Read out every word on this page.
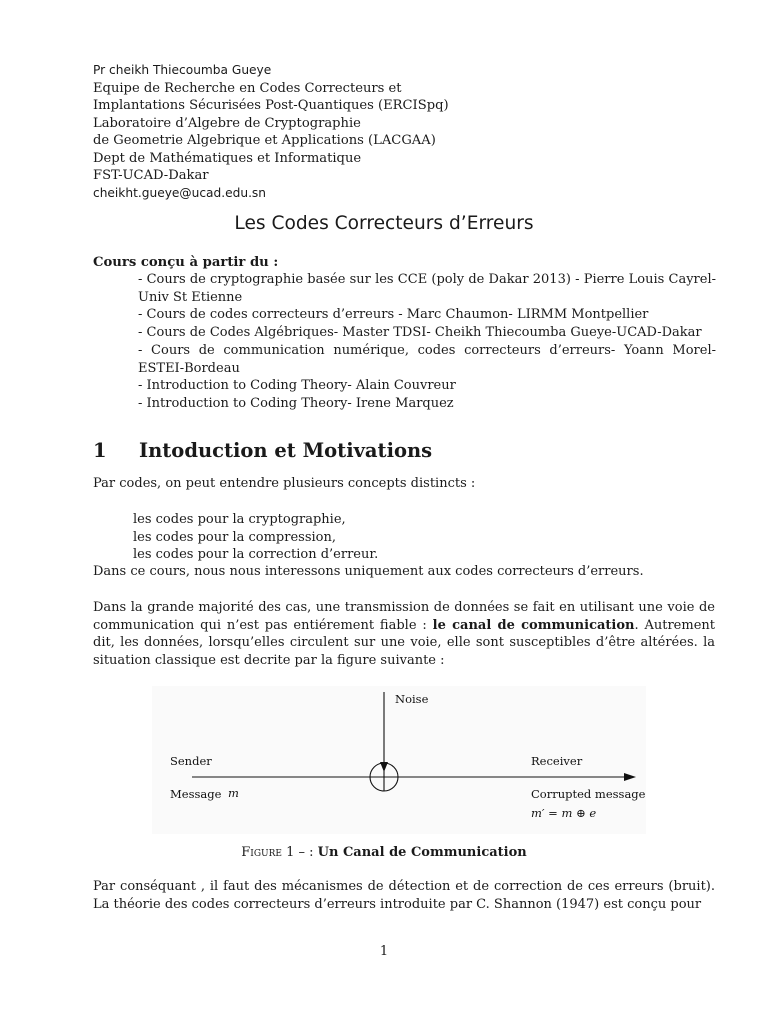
Pr cheikh Thiecoumba Gueye
Equipe de Recherche en Codes Correcteurs et
Implantations Sécurisées Post-Quantiques (ERCISpq)
Laboratoire d’Algebre de Cryptographie
de Geometrie Algebrique et Applications (LACGAA)
Dept de Mathématiques et Informatique
FST-UCAD-Dakar
cheikht.gueye@ucad.edu.sn
Les Codes Correcteurs d’Erreurs
Cours conçu à partir du :
- Cours de cryptographie basée sur les CCE (poly de Dakar 2013) - Pierre Louis Cayrel-Univ St Etienne
- Cours de codes correcteurs d’erreurs - Marc Chaumon- LIRMM Montpellier
- Cours de Codes Algébriques- Master TDSI- Cheikh Thiecoumba Gueye-UCAD-Dakar
- Cours de communication numérique, codes correcteurs d’erreurs- Yoann Morel-ESTEI-Bordeau
- Introduction to Coding Theory- Alain Couvreur
- Introduction to Coding Theory- Irene Marquez
1 Intoduction et Motivations
Par codes, on peut entendre plusieurs concepts distincts :
les codes pour la cryptographie,
les codes pour la compression,
les codes pour la correction d’erreur.
Dans ce cours, nous nous interessons uniquement aux codes correcteurs d’erreurs.
Dans la grande majorité des cas, une transmission de données se fait en utilisant une voie de communication qui n’est pas entiérement fiable : le canal de communication. Autrement dit, les données, lorsqu’elles circulent sur une voie, elle sont susceptibles d’être altérées. la situation classique est decrite par la figure suivante :
Noise
Sender
Message m
Receiver
Corrupted message
m′ = m ⊕ e
Figure 1 – : Un Canal de Communication
Par conséquant , il faut des mécanismes de détection et de correction de ces erreurs (bruit). La théorie des codes correcteurs d’erreurs introduite par C. Shannon (1947) est conçu pour
1
